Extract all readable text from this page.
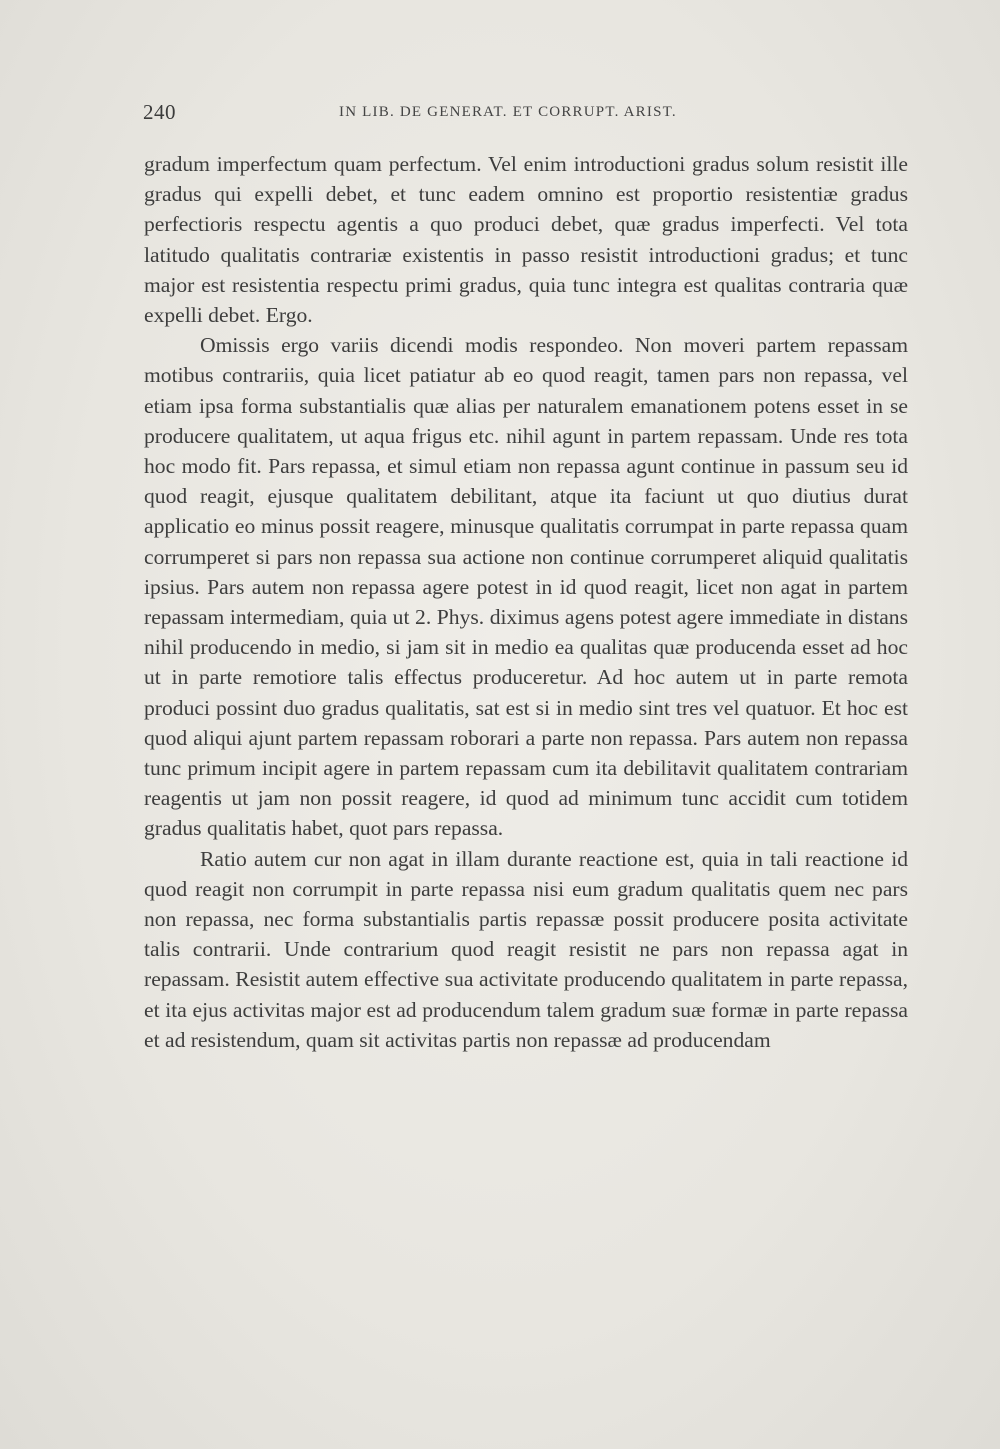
240	IN LIB. DE GENERAT. ET CORRUPT. ARIST.

gradum imperfectum quam perfectum. Vel enim introductioni gradus solum resistit ille gradus qui expelli debet, et tunc eadem omnino est proportio resistentiæ gradus perfectioris respectu agentis a quo produci debet, quæ gradus imperfecti. Vel tota latitudo qualitatis contrariæ existentis in passo resistit introductioni gradus; et tunc major est resistentia respectu primi gradus, quia tunc integra est qualitas contraria quæ expelli debet. Ergo.

Omissis ergo variis dicendi modis respondeo. Non moveri partem repassam motibus contrariis, quia licet patiatur ab eo quod reagit, tamen pars non repassa, vel etiam ipsa forma substantialis quæ alias per naturalem emanationem potens esset in se producere qualitatem, ut aqua frigus etc. nihil agunt in partem repassam. Unde res tota hoc modo fit. Pars repassa, et simul etiam non repassa agunt continue in passum seu id quod reagit, ejusque qualitatem debilitant, atque ita faciunt ut quo diutius durat applicatio eo minus possit reagere, minusque qualitatis corrumpat in parte repassa quam corrumperet si pars non repassa sua actione non continue corrumperet aliquid qualitatis ipsius. Pars autem non repassa agere potest in id quod reagit, licet non agat in partem repassam intermediam, quia ut 2. Phys. diximus agens potest agere immediate in distans nihil producendo in medio, si jam sit in medio ea qualitas quæ producenda esset ad hoc ut in parte remotiore talis effectus produceretur. Ad hoc autem ut in parte remota produci possint duo gradus qualitatis, sat est si in medio sint tres vel quatuor. Et hoc est quod aliqui ajunt partem repassam roborari a parte non repassa. Pars autem non repassa tunc primum incipit agere in partem repassam cum ita debilitavit qualitatem contrariam reagentis ut jam non possit reagere, id quod ad minimum tunc accidit cum totidem gradus qualitatis habet, quot pars repassa.

Ratio autem cur non agat in illam durante reactione est, quia in tali reactione id quod reagit non corrumpit in parte repassa nisi eum gradum qualitatis quem nec pars non repassa, nec forma substantialis partis repassæ possit producere posita activitate talis contrarii. Unde contrarium quod reagit resistit ne pars non repassa agat in repassam. Resistit autem effective sua activitate producendo qualitatem in parte repassa, et ita ejus activitas major est ad producendum talem gradum suæ formæ in parte repassa et ad resistendum, quam sit activitas partis non repassæ ad producendam
